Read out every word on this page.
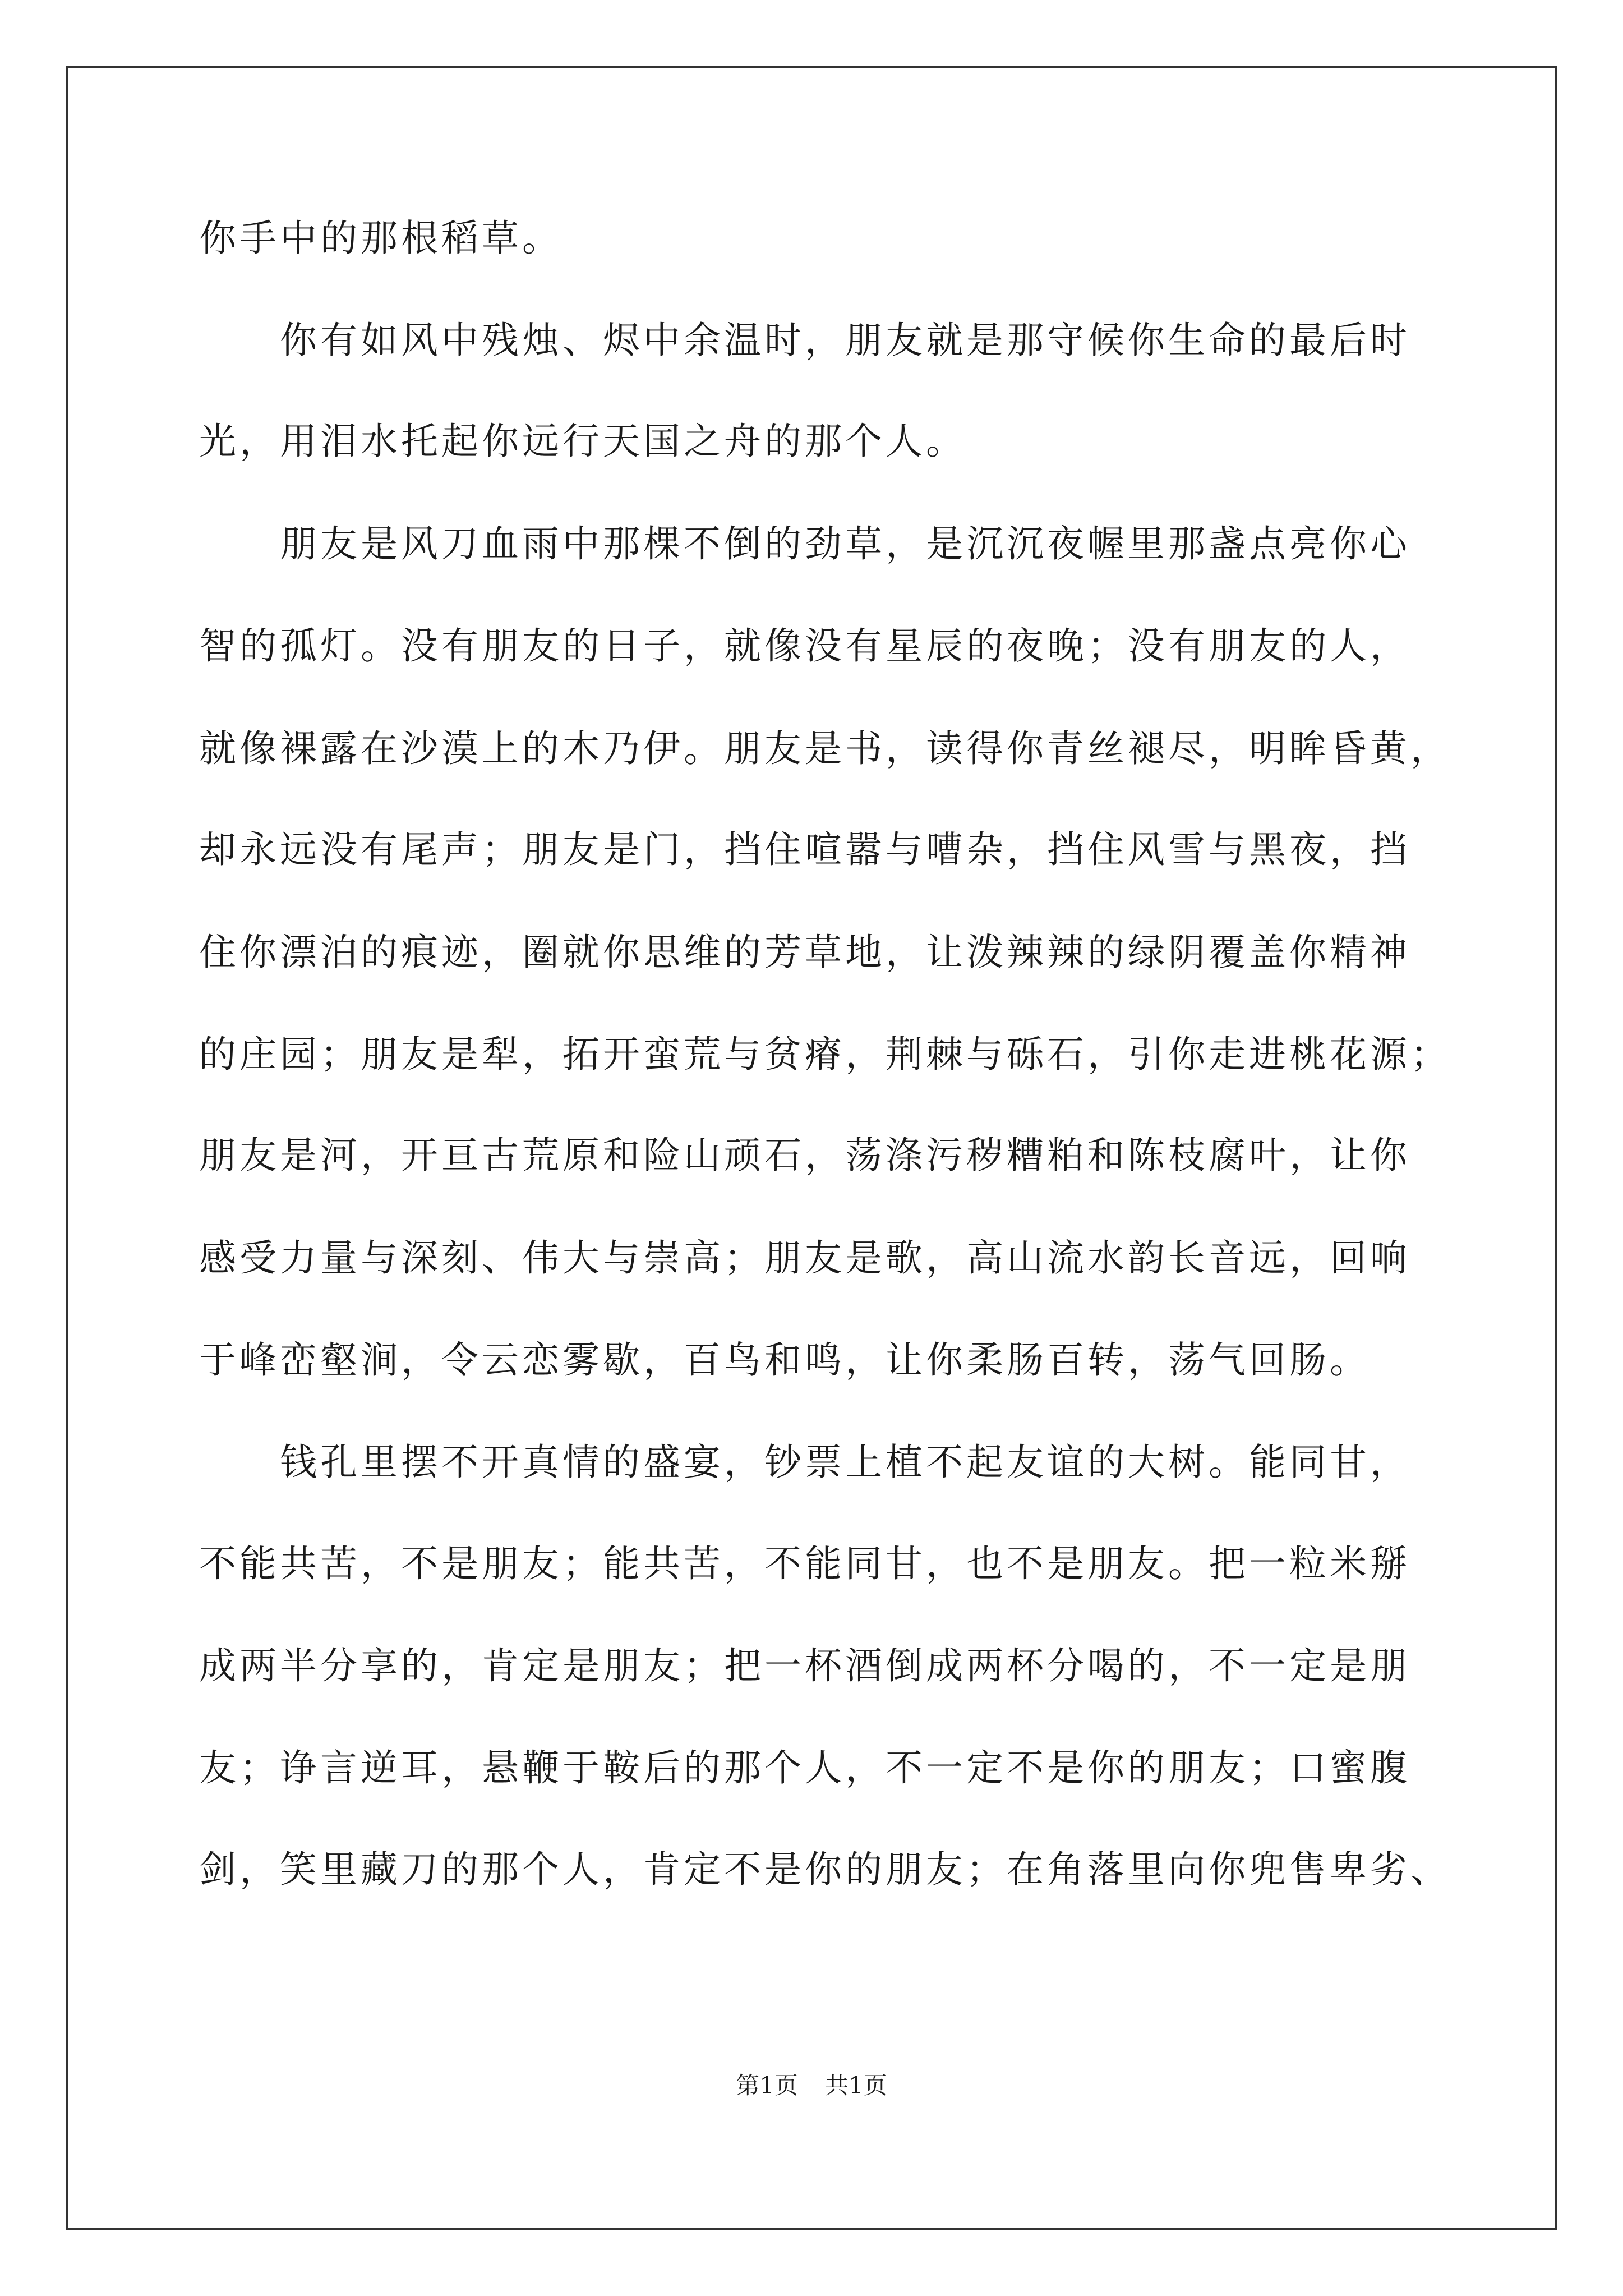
你手中的那根稻草。
　　你有如风中残烛、烬中余温时，朋友就是那守候你生命的最后时
光，用泪水托起你远行天国之舟的那个人。
　　朋友是风刀血雨中那棵不倒的劲草，是沉沉夜幄里那盏点亮你心
智的孤灯。没有朋友的日子，就像没有星辰的夜晚；没有朋友的人，
就像裸露在沙漠上的木乃伊。朋友是书，读得你青丝褪尽，明眸昏黄，
却永远没有尾声；朋友是门，挡住喧嚣与嘈杂，挡住风雪与黑夜，挡
住你漂泊的痕迹，圈就你思维的芳草地，让泼辣辣的绿阴覆盖你精神
的庄园；朋友是犁，拓开蛮荒与贫瘠，荆棘与砾石，引你走进桃花源；
朋友是河，开亘古荒原和险山顽石，荡涤污秽糟粕和陈枝腐叶，让你
感受力量与深刻、伟大与崇高；朋友是歌，高山流水韵长音远，回响
于峰峦壑涧，令云恋雾歇，百鸟和鸣，让你柔肠百转，荡气回肠。
　　钱孔里摆不开真情的盛宴，钞票上植不起友谊的大树。能同甘，
不能共苦，不是朋友；能共苦，不能同甘，也不是朋友。把一粒米掰
成两半分享的，肯定是朋友；把一杯酒倒成两杯分喝的，不一定是朋
友；诤言逆耳，悬鞭于鞍后的那个人，不一定不是你的朋友；口蜜腹
剑，笑里藏刀的那个人，肯定不是你的朋友；在角落里向你兜售卑劣、
第1页 共1页
